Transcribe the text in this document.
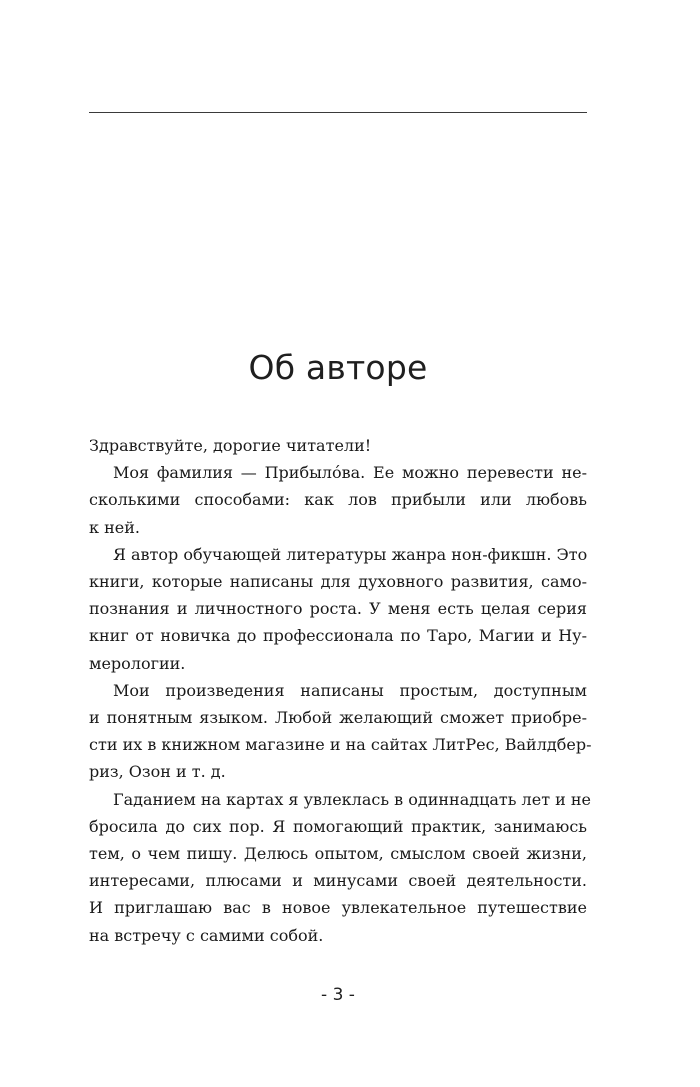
Об авторе

Здравствуйте, дорогие читатели!

Моя фамилия — Прибыло́ва. Ее можно перевести не-
сколькими способами: как лов прибыли или любовь
к ней.

Я автор обучающей литературы жанра нон-фикшн. Это
книги, которые написаны для духовного развития, само-
познания и личностного роста. У меня есть целая серия
книг от новичка до профессионала по Таро, Магии и Ну-
мерологии.

Мои произведения написаны простым, доступным
и понятным языком. Любой желающий сможет приобре-
сти их в книжном магазине и на сайтах ЛитРес, Вайлдбер-
риз, Озон и т. д.

Гаданием на картах я увлеклась в одиннадцать лет и не
бросила до сих пор. Я помогающий практик, занимаюсь
тем, о чем пишу. Делюсь опытом, смыслом своей жизни,
интересами, плюсами и минусами своей деятельности.
И приглашаю вас в новое увлекательное путешествие
на встречу с самими собой.

- 3 -
